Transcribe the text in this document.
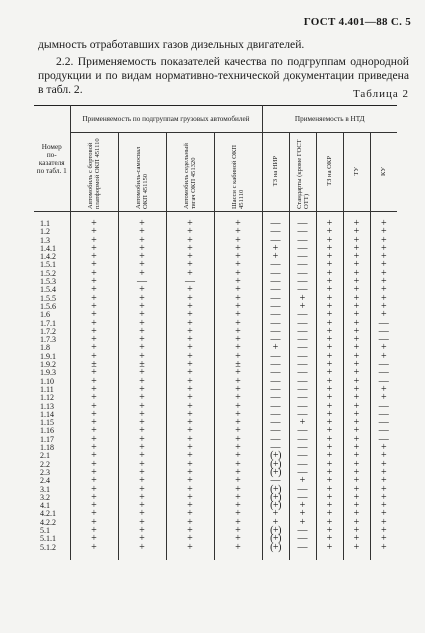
ГОСТ 4.401—88 С. 5
дымность отработавших газов дизельных двигателей.
2.2. Применяемость показателей качества по подгруппам однородной продукции и по видам нормативно-технической документации приведена в табл. 2.	Таблица 2
Номер показателя по табл. 1	Применяемость по подгруппам грузовых автомобилей				Применяемость в НТД				
	Автомобиль с бортовой платформой ОКП 451110	Автомобиль-самосвал ОКП 451150	Автомобиль седельный тягач ОКП 451320	Шасси с кабиной ОКП 451110	ТЗ на НИР	Стандарты (кроме ГОСТ ОТТ)	ТЗ на ОКР	ТУ	КУ

1.1	+	+	+	+	—	—	+	+	+
1.2	+	+	+	+	—	—	+	+	+
1.3	+	+	+	+	—	—	+	+	+
1.4.1	+	+	+	+	+	—	+	+	+
1.4.2	+	+	+	+	+	—	+	+	+
1.5.1	+	+	+	+	—	—	+	+	+
1.5.2	+	+	+	+	—	—	+	+	+
1.5.3	+	—	—	+	—	—	+	+	+
1.5.4	+	+	+	+	—	—	+	+	+
1.5.5	+	+	+	+	—	+	+	+	+
1.5.6	+	+	+	+	—	+	+	+	+
1.6	+	+	+	+	—	—	+	+	+
1.7.1	+	+	+	+	—	—	+	+	—
1.7.2	+	+	+	+	—	—	+	+	—
1.7.3	+	+	+	+	—	—	+	+	—
1.8	+	+	+	+	+	—	+	+	+
1.9.1	+	+	+	+	—	—	+	+	+
1.9.2	±	±	+	±	—	—	+	+	—
1.9.3	+	+	+	+	—	—	+	+	—
1.10	+	+	+	+	—	—	+	+	—
1.11	+	+	+	+	—	—	+	+	+
1.12	+	+	+	+	—	—	+	+	+
1.13	+	+	+	+	—	—	+	+	—
1.14	+	+	+	+	—	—	+	+	—
1.15	+	+	+	+	—	+	+	+	—
1.16	+	+	+	+	—	—	+	+	—
1.17	+	+	+	+	—	—	+	+	—
1.18	+	+	+	+	—	—	+	+	+
2.1	+	+	+	+	(+)	—	+	+	+
2.2	+	+	+	+	(+)	—	+	+	+
2.3	+	+	+	+	(+)	—	+	+	+
2.4	+	+	+	+	—	+	+	+	+
3.1	+	+	+	+	(+)	—	+	+	+
3.2	+	+	+	+	(+)	—	+	+	+
4.1	+	+	+	+	(+)	+	+	+	+
4.2.1	+	+	+	+	+	+	+	+	+
4.2.2	+	+	+	+	+	+	+	+	+
5.1	+	+	+	+	(+)	—	+	+	+
5.1.1	+	+	+	+	(+)	—	+	+	+
5.1.2	+	+	+	+	(+)	—	+	+	+
